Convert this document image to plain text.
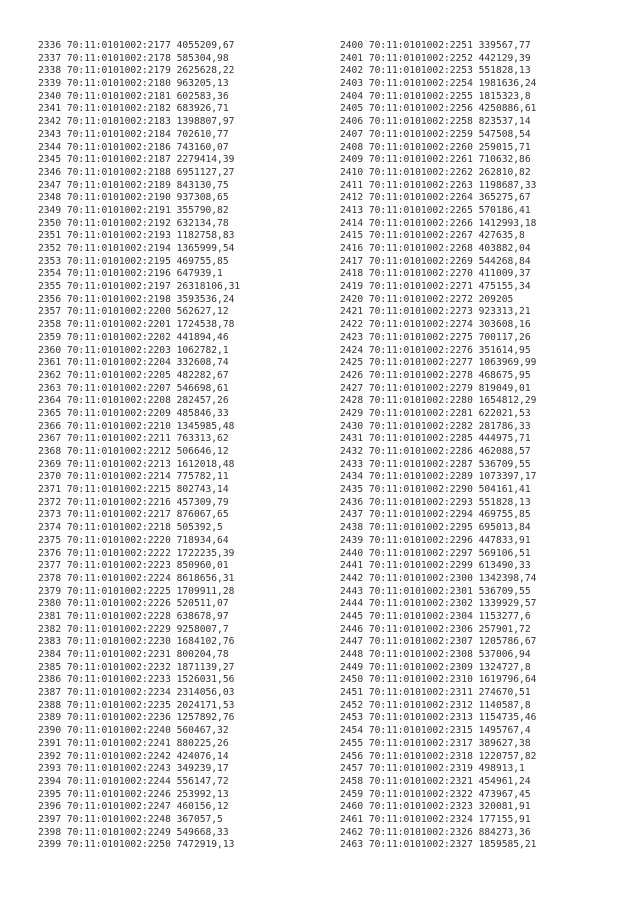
2336 70:11:0101002:2177 4055209,67
2337 70:11:0101002:2178 585304,98
2338 70:11:0101002:2179 2625628,22
2339 70:11:0101002:2180 963205,13
2340 70:11:0101002:2181 602583,36
2341 70:11:0101002:2182 683926,71
2342 70:11:0101002:2183 1398807,97
2343 70:11:0101002:2184 702610,77
2344 70:11:0101002:2186 743160,07
2345 70:11:0101002:2187 2279414,39
2346 70:11:0101002:2188 6951127,27
2347 70:11:0101002:2189 843130,75
2348 70:11:0101002:2190 937308,65
2349 70:11:0101002:2191 355790,82
2350 70:11:0101002:2192 632134,78
2351 70:11:0101002:2193 1182758,83
2352 70:11:0101002:2194 1365999,54
2353 70:11:0101002:2195 469755,85
2354 70:11:0101002:2196 647939,1
2355 70:11:0101002:2197 26318106,31
2356 70:11:0101002:2198 3593536,24
2357 70:11:0101002:2200 562627,12
2358 70:11:0101002:2201 1724538,78
2359 70:11:0101002:2202 441894,46
2360 70:11:0101002:2203 1062782,1
2361 70:11:0101002:2204 332608,74
2362 70:11:0101002:2205 482282,67
2363 70:11:0101002:2207 546698,61
2364 70:11:0101002:2208 282457,26
2365 70:11:0101002:2209 485846,33
2366 70:11:0101002:2210 1345985,48
2367 70:11:0101002:2211 763313,62
2368 70:11:0101002:2212 506646,12
2369 70:11:0101002:2213 1612018,48
2370 70:11:0101002:2214 775782,11
2371 70:11:0101002:2215 802743,14
2372 70:11:0101002:2216 457309,79
2373 70:11:0101002:2217 876067,65
2374 70:11:0101002:2218 505392,5
2375 70:11:0101002:2220 718934,64
2376 70:11:0101002:2222 1722235,39
2377 70:11:0101002:2223 850960,01
2378 70:11:0101002:2224 8618656,31
2379 70:11:0101002:2225 1709911,28
2380 70:11:0101002:2226 520511,07
2381 70:11:0101002:2228 638678,97
2382 70:11:0101002:2229 9258007,7
2383 70:11:0101002:2230 1684102,76
2384 70:11:0101002:2231 800204,78
2385 70:11:0101002:2232 1871139,27
2386 70:11:0101002:2233 1526031,56
2387 70:11:0101002:2234 2314056,03
2388 70:11:0101002:2235 2024171,53
2389 70:11:0101002:2236 1257892,76
2390 70:11:0101002:2240 560467,32
2391 70:11:0101002:2241 880225,26
2392 70:11:0101002:2242 424076,14
2393 70:11:0101002:2243 349239,17
2394 70:11:0101002:2244 556147,72
2395 70:11:0101002:2246 253992,13
2396 70:11:0101002:2247 460156,12
2397 70:11:0101002:2248 367057,5
2398 70:11:0101002:2249 549668,33
2399 70:11:0101002:2250 7472919,13
2400 70:11:0101002:2251 339567,77
2401 70:11:0101002:2252 442129,39
2402 70:11:0101002:2253 551828,13
2403 70:11:0101002:2254 1981636,24
2404 70:11:0101002:2255 1815323,8
2405 70:11:0101002:2256 4250886,61
2406 70:11:0101002:2258 823537,14
2407 70:11:0101002:2259 547508,54
2408 70:11:0101002:2260 259015,71
2409 70:11:0101002:2261 710632,86
2410 70:11:0101002:2262 262810,82
2411 70:11:0101002:2263 1198687,33
2412 70:11:0101002:2264 365275,67
2413 70:11:0101002:2265 570186,41
2414 70:11:0101002:2266 1412993,18
2415 70:11:0101002:2267 427635,8
2416 70:11:0101002:2268 403882,04
2417 70:11:0101002:2269 544268,84
2418 70:11:0101002:2270 411009,37
2419 70:11:0101002:2271 475155,34
2420 70:11:0101002:2272 209205
2421 70:11:0101002:2273 923313,21
2422 70:11:0101002:2274 303608,16
2423 70:11:0101002:2275 700117,26
2424 70:11:0101002:2276 351614,95
2425 70:11:0101002:2277 1063969,99
2426 70:11:0101002:2278 468675,95
2427 70:11:0101002:2279 819049,01
2428 70:11:0101002:2280 1654812,29
2429 70:11:0101002:2281 622021,53
2430 70:11:0101002:2282 281786,33
2431 70:11:0101002:2285 444975,71
2432 70:11:0101002:2286 462088,57
2433 70:11:0101002:2287 536709,55
2434 70:11:0101002:2289 1073397,17
2435 70:11:0101002:2290 504161,41
2436 70:11:0101002:2293 551828,13
2437 70:11:0101002:2294 469755,85
2438 70:11:0101002:2295 695013,84
2439 70:11:0101002:2296 447833,91
2440 70:11:0101002:2297 569106,51
2441 70:11:0101002:2299 613490,33
2442 70:11:0101002:2300 1342398,74
2443 70:11:0101002:2301 536709,55
2444 70:11:0101002:2302 1339929,57
2445 70:11:0101002:2304 1153277,6
2446 70:11:0101002:2306 257901,72
2447 70:11:0101002:2307 1205786,67
2448 70:11:0101002:2308 537006,94
2449 70:11:0101002:2309 1324727,8
2450 70:11:0101002:2310 1619796,64
2451 70:11:0101002:2311 274670,51
2452 70:11:0101002:2312 1140587,8
2453 70:11:0101002:2313 1154735,46
2454 70:11:0101002:2315 1495767,4
2455 70:11:0101002:2317 389627,38
2456 70:11:0101002:2318 1220757,82
2457 70:11:0101002:2319 498913,1
2458 70:11:0101002:2321 454961,24
2459 70:11:0101002:2322 473967,45
2460 70:11:0101002:2323 320081,91
2461 70:11:0101002:2324 177155,91
2462 70:11:0101002:2326 884273,36
2463 70:11:0101002:2327 1859585,21
